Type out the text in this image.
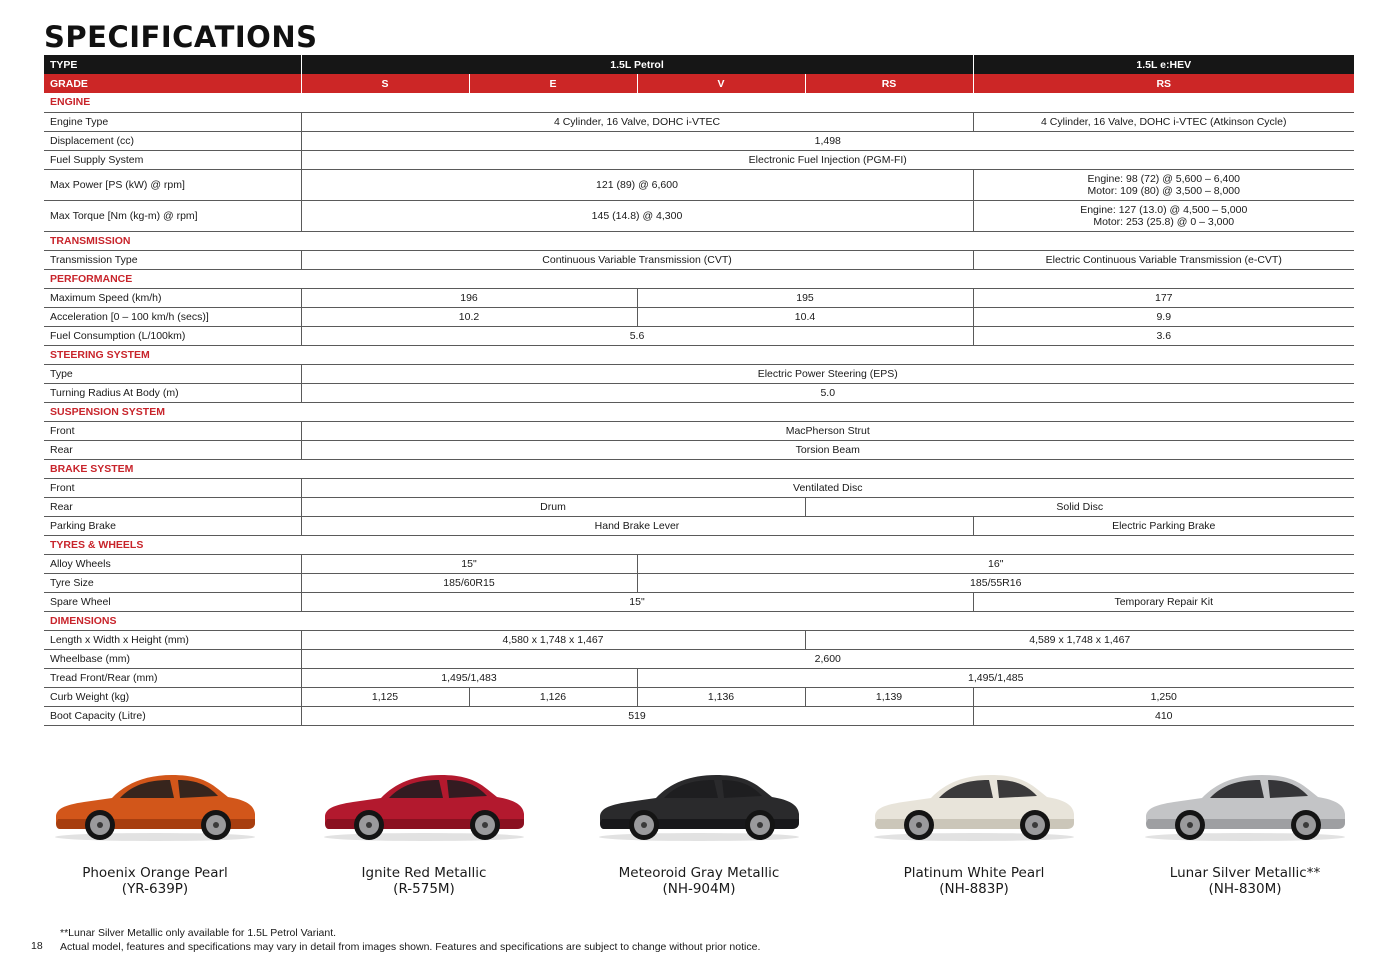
SPECIFICATIONS
TYPE	1.5L Petrol				1.5L e:HEV
GRADE	S	E	V	RS	RS
ENGINE					
Engine Type	4 Cylinder, 16 Valve, DOHC i-VTEC				4 Cylinder, 16 Valve, DOHC i-VTEC (Atkinson Cycle)
Displacement (cc)	1,498				
Fuel Supply System	Electronic Fuel Injection (PGM-FI)				
Max Power [PS (kW) @ rpm]	121 (89) @ 6,600				Engine: 98 (72) @ 5,600 – 6,400
Motor: 109 (80) @ 3,500 – 8,000

Max Torque [Nm (kg-m) @ rpm]	145 (14.8) @ 4,300				Engine: 127 (13.0) @ 4,500 – 5,000
Motor: 253 (25.8) @ 0 – 3,000

TRANSMISSION					
Transmission Type	Continuous Variable Transmission (CVT)				Electric Continuous Variable Transmission (e-CVT)
PERFORMANCE					
Maximum Speed (km/h)	196		195		177
Acceleration [0 – 100 km/h (secs)]	10.2		10.4		9.9
Fuel Consumption (L/100km)	5.6				3.6
STEERING SYSTEM					
Type	Electric Power Steering (EPS)				
Turning Radius At Body (m)	5.0				
SUSPENSION SYSTEM					
Front	MacPherson Strut				
Rear	Torsion Beam				
BRAKE SYSTEM					
Front	Ventilated Disc				
Rear	Drum			Solid Disc	
Parking Brake	Hand Brake Lever				Electric Parking Brake
TYRES & WHEELS					
Alloy Wheels	15"		16"		
Tyre Size	185/60R15		185/55R16		
Spare Wheel	15"				Temporary Repair Kit
DIMENSIONS					
Length x Width x Height (mm)	4,580 x 1,748 x 1,467			4,589 x 1,748 x 1,467	
Wheelbase (mm)	2,600				
Tread Front/Rear (mm)	1,495/1,483		1,495/1,485		
Curb Weight (kg)	1,125	1,126	1,136	1,139	1,250
Boot Capacity (Litre)	519				410
Phoenix Orange Pearl
(YR-639P)
Ignite Red Metallic
(R-575M)
Meteoroid Gray Metallic
(NH-904M)
Platinum White Pearl
(NH-883P)
Lunar Silver Metallic**
(NH-830M)
**Lunar Silver Metallic only available for 1.5L Petrol Variant.
Actual model, features and specifications may vary in detail from images shown. Features and specifications are subject to change without prior notice.
18
